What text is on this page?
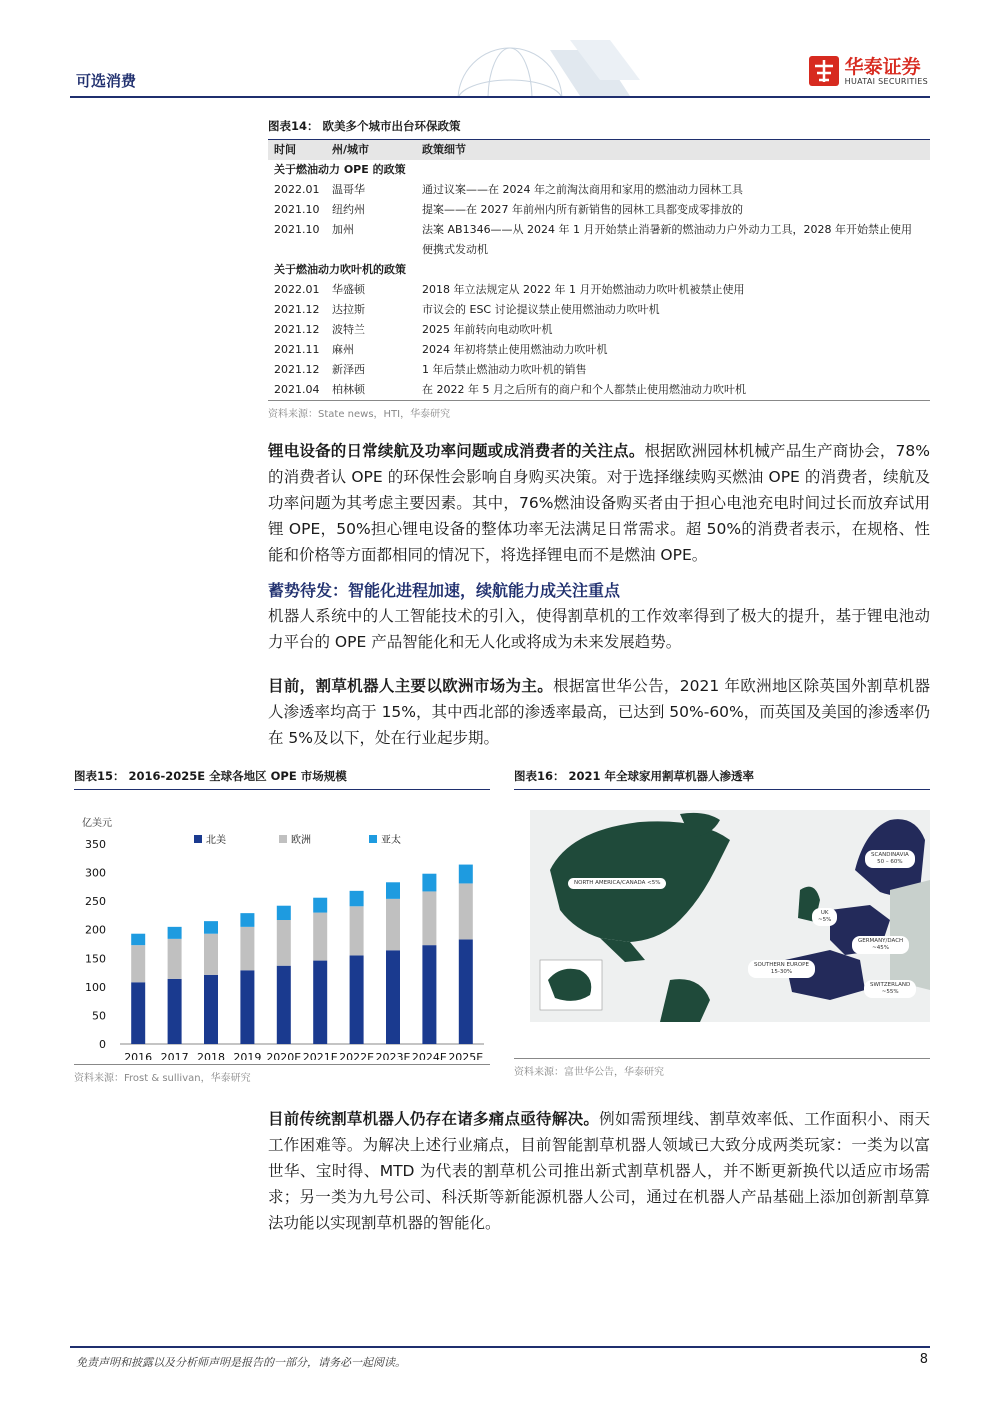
可选消费
华泰证券
HUATAI SECURITIES
图表14： 欧美多个城市出台环保政策
时间	州/城市	政策细节
关于燃油动力 OPE 的政策
2022.01	温哥华	通过议案——在 2024 年之前淘汰商用和家用的燃油动力园林工具
2021.10	纽约州	提案——在 2027 年前州内所有新销售的园林工具都变成零排放的
2021.10	加州	法案 AB1346——从 2024 年 1 月开始禁止消暑新的燃油动力户外动力工具，2028 年开始禁止使用便携式发动机
关于燃油动力吹叶机的政策
2022.01	华盛顿	2018 年立法规定从 2022 年 1 月开始燃油动力吹叶机被禁止使用
2021.12	达拉斯	市议会的 ESC 讨论提议禁止使用燃油动力吹叶机
2021.12	波特兰	2025 年前转向电动吹叶机
2021.11	麻州	2024 年初将禁止使用燃油动力吹叶机
2021.12	新泽西	1 年后禁止燃油动力吹叶机的销售
2021.04	柏林顿	在 2022 年 5 月之后所有的商户和个人都禁止使用燃油动力吹叶机
资料来源：State news，HTI，华泰研究
锂电设备的日常续航及功率问题或成消费者的关注点。根据欧洲园林机械产品生产商协会，78%的消费者认 OPE 的环保性会影响自身购买决策。对于选择继续购买燃油 OPE 的消费者，续航及功率问题为其考虑主要因素。其中，76%燃油设备购买者由于担心电池充电时间过长而放弃试用锂 OPE，50%担心锂电设备的整体功率无法满足日常需求。超 50%的消费者表示，在规格、性能和价格等方面都相同的情况下，将选择锂电而不是燃油 OPE。
蓄势待发：智能化进程加速，续航能力成关注重点
机器人系统中的人工智能技术的引入，使得割草机的工作效率得到了极大的提升，基于锂电池动力平台的 OPE 产品智能化和无人化或将成为未来发展趋势。
目前，割草机器人主要以欧洲市场为主。根据富世华公告，2021 年欧洲地区除英国外割草机器人渗透率均高于 15%，其中西北部的渗透率最高，已达到 50%-60%，而英国及美国的渗透率仍在 5%及以下，处在行业起步期。
图表15： 2016-2025E 全球各地区 OPE 市场规模
亿美元
0
50
100
150
200
250
300
350
2016 2017 2018 2019 2020E 2021E 2022E 2023E 2024E 2025E
北美	欧洲	亚太
资料来源：Frost & sullivan，华泰研究
图表16： 2021 年全球家用割草机器人渗透率
NORTH AMERICA/CANADA <5%
SCANDINAVIA
50 – 60%
UK
~5%
GERMANY/DACH
~45%
SOUTHERN EUROPE
15-30%
SWITZERLAND
~55%
资料来源：富世华公告，华泰研究
目前传统割草机器人仍存在诸多痛点亟待解决。例如需预埋线、割草效率低、工作面积小、雨天工作困难等。为解决上述行业痛点，目前智能割草机器人领域已大致分成两类玩家：一类为以富世华、宝时得、MTD 为代表的割草机公司推出新式割草机器人，并不断更新换代以适应市场需求；另一类为九号公司、科沃斯等新能源机器人公司，通过在机器人产品基础上添加创新割草算法功能以实现割草机器的智能化。
免责声明和披露以及分析师声明是报告的一部分，请务必一起阅读。	8
